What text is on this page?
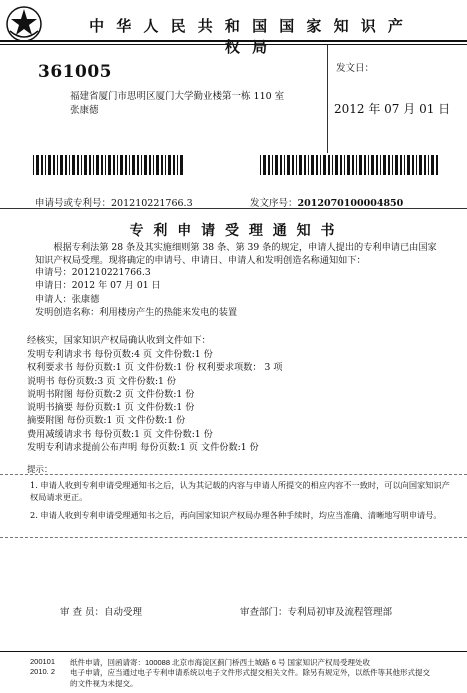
中 华 人 民 共 和 国 国 家 知 识 产 权 局
361005
福建省厦门市思明区厦门大学勤业楼第一栋 110 室
张康德
发文日：
2012 年 07 月 01 日
申请号或专利号：201210221766.3	发文序号：2012070100004850
专 利 申 请 受 理 通 知 书
根据专利法第 28 条及其实施细则第 38 条、第 39 条的规定，申请人提出的专利申请已由国家知识产权局受理。现将确定的申请号、申请日、申请人和发明创造名称通知如下：
申请号：201210221766.3
申请日：2012 年 07 月 01 日
申请人：张康德
发明创造名称：利用楼房产生的热能来发电的装置
经核实，国家知识产权局确认收到文件如下：
发明专利请求书 每份页数:4 页 文件份数:1 份
权利要求书 每份页数:1 页 文件份数:1 份 权利要求项数： 3 项
说明书 每份页数:3 页 文件份数:1 份
说明书附图 每份页数:2 页 文件份数:1 份
说明书摘要 每份页数:1 页 文件份数:1 份
摘要附图 每份页数:1 页 文件份数:1 份
费用减缓请求书 每份页数:1 页 文件份数:1 份
发明专利请求提前公布声明 每份页数:1 页 文件份数:1 份
提示：
1. 申请人收到专利申请受理通知书之后，认为其记载的内容与申请人所提交的相应内容不一致时，可以向国家知识产权局请求更正。
2. 申请人收到专利申请受理通知书之后，再向国家知识产权局办理各种手续时，均应当准确、清晰地写明申请号。
审 查 员：自动受理	审查部门：专利局初审及流程管理部
200101
2010. 2
纸件申请，回函请寄：100088 北京市海淀区蓟门桥西土城路 6 号 国家知识产权局受理处收
电子申请，应当通过电子专利申请系统以电子文件形式提交相关文件。除另有规定外，以纸件等其他形式提交的文件视为未提交。
